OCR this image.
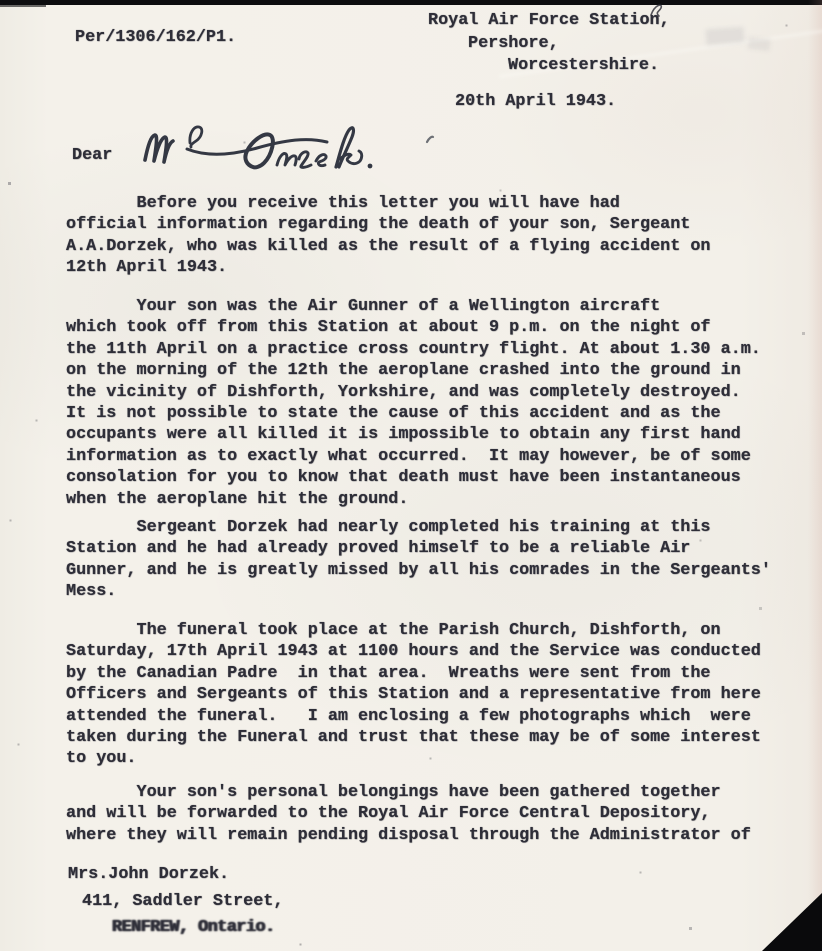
Per/1306/162/P1.
Royal Air Force Station,
Pershore,
Worcestershire.
20th April 1943.
Dear
Before you receive this letter you will have had
official information regarding the death of your son, Sergeant
A.A.Dorzek, who was killed as the result of a flying accident on
12th April 1943.
Your son was the Air Gunner of a Wellington aircraft
which took off from this Station at about 9 p.m. on the night of
the 11th April on a practice cross country flight. At about 1.30 a.m.
on the morning of the 12th the aeroplane crashed into the ground in
the vicinity of Dishforth, Yorkshire, and was completely destroyed.
It is not possible to state the cause of this accident and as the
occupants were all killed it is impossible to obtain any first hand
information as to exactly what occurred.  It may however, be of some
consolation for you to know that death must have been instantaneous
when the aeroplane hit the ground.
Sergeant Dorzek had nearly completed his training at this
Station and he had already proved himself to be a reliable Air
Gunner, and he is greatly missed by all his comrades in the Sergeants'
Mess.
The funeral took place at the Parish Church, Dishforth, on
Saturday, 17th April 1943 at 1100 hours and the Service was conducted
by the Canadian Padre  in that area.  Wreaths were sent from the
Officers and Sergeants of this Station and a representative from here
attended the funeral.   I am enclosing a few photographs which  were
taken during the Funeral and trust that these may be of some interest
to you.
Your son's personal belongings have been gathered together
and will be forwarded to the Royal Air Force Central Depository,
where they will remain pending disposal through the Administrator of
Mrs.John Dorzek.
411, Saddler Street,
RENFREW, Ontario.
